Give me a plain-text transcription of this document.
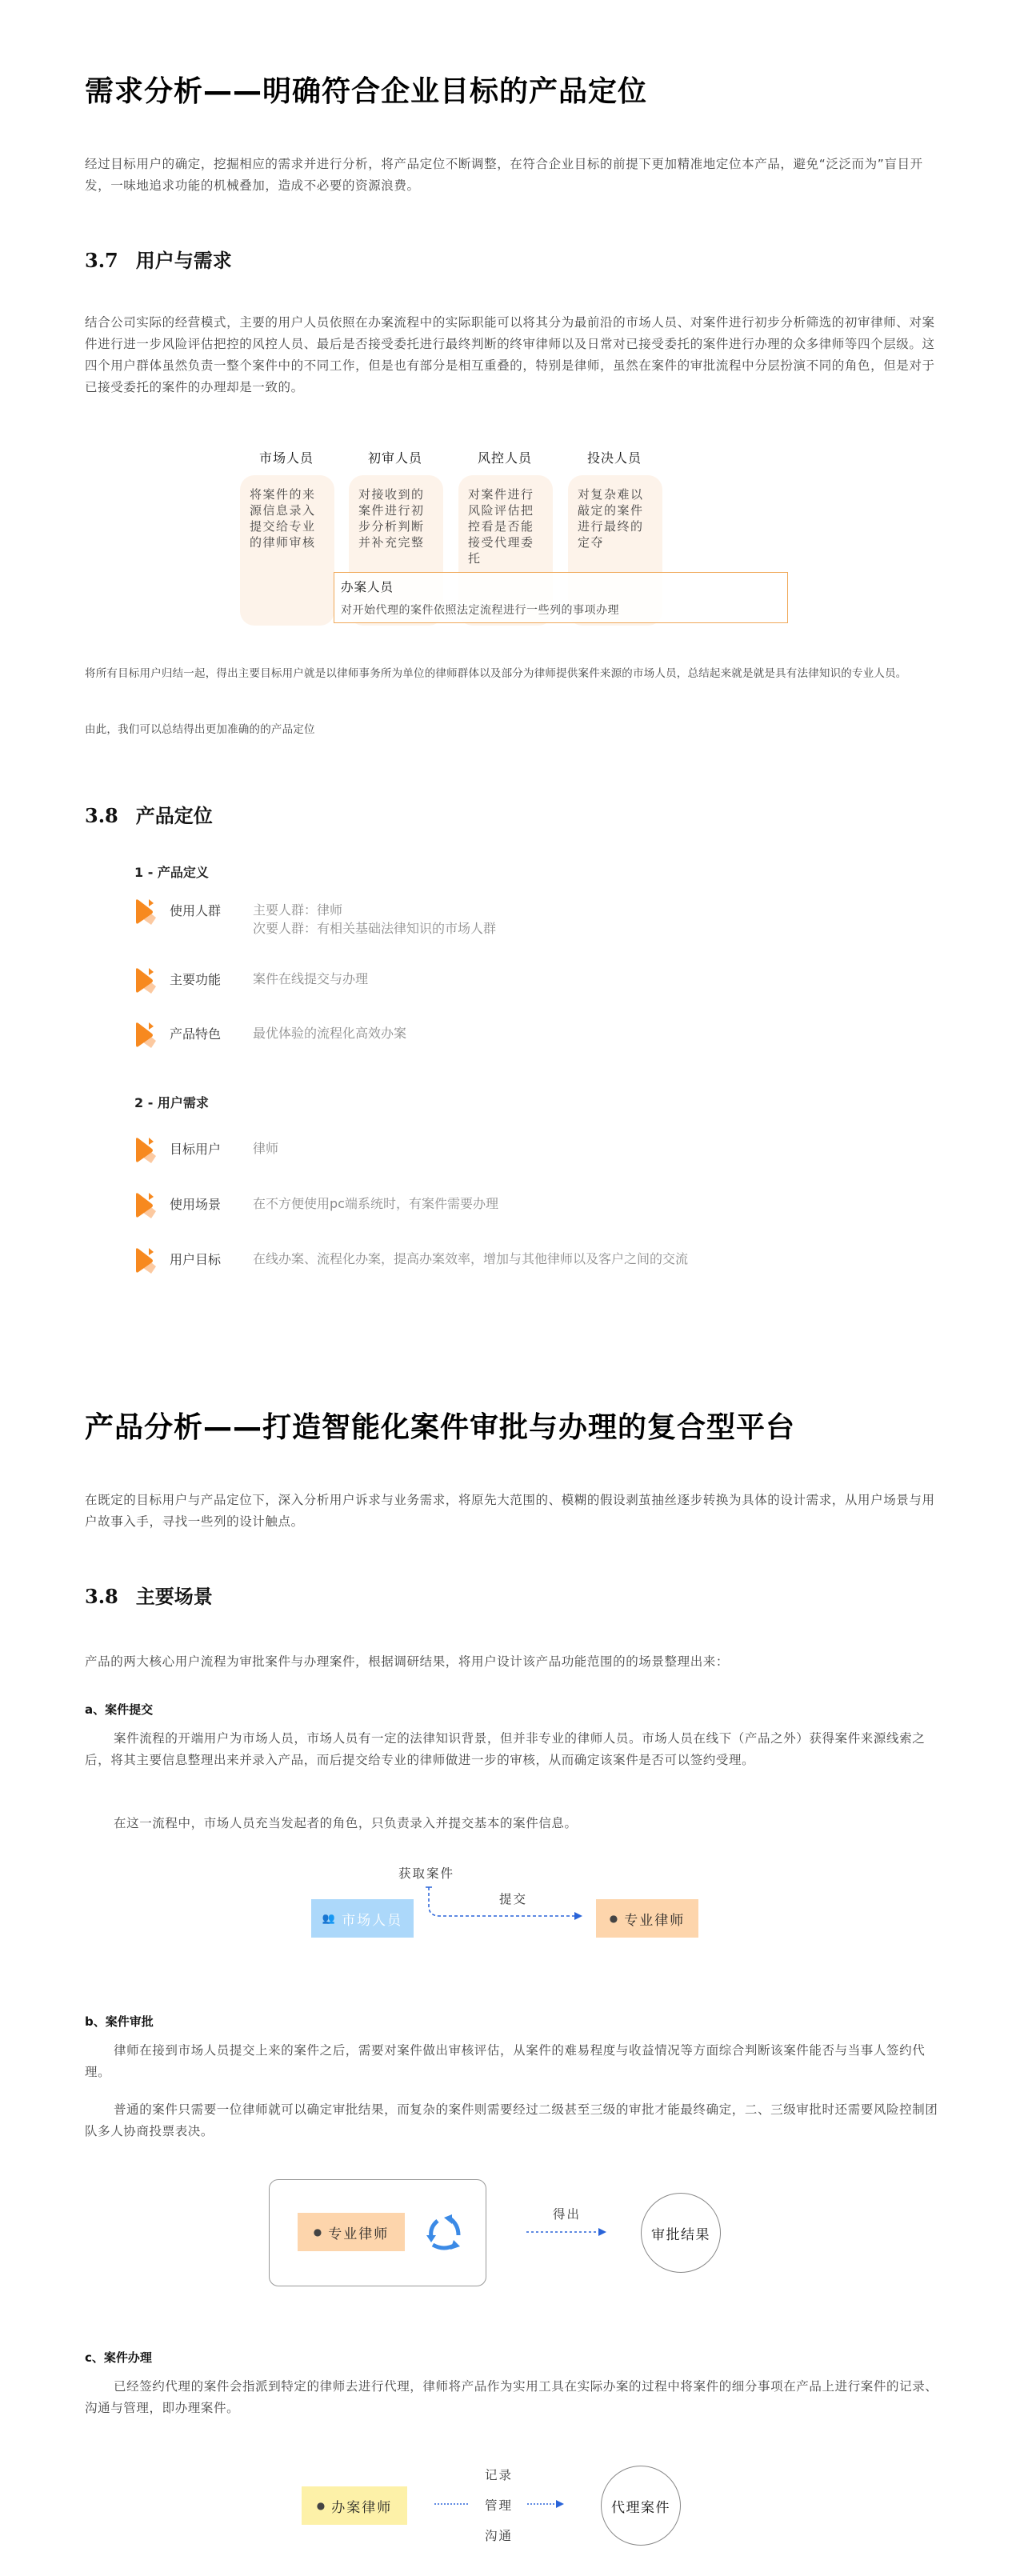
需求分析——明确符合企业目标的产品定位
经过目标用户的确定，挖掘相应的需求并进行分析，将产品定位不断调整，在符合企业目标的前提下更加精准地定位本产品，避免“泛泛而为”盲目开发，一味地追求功能的机械叠加，造成不必要的资源浪费。
3.7 用户与需求
结合公司实际的经营模式，主要的用户人员依照在办案流程中的实际职能可以将其分为最前沿的市场人员、对案件进行初步分析筛选的初审律师、对案件进行进一步风险评估把控的风控人员、最后是否接受委托进行最终判断的终审律师以及日常对已接受委托的案件进行办理的众多律师等四个层级。这四个用户群体虽然负责一整个案件中的不同工作，但是也有部分是相互重叠的，特别是律师，虽然在案件的审批流程中分层扮演不同的角色，但是对于已接受委托的案件的办理却是一致的。
市场人员	初审人员	风控人员	投决人员
将案件的来源信息录入提交给专业的律师审核
对接收到的案件进行初步分析判断并补充完整
对案件进行风险评估把控看是否能接受代理委托
对复杂难以敲定的案件进行最终的定夺
办案人员
对开始代理的案件依照法定流程进行一些列的事项办理
将所有目标用户归结一起，得出主要目标用户就是以律师事务所为单位的律师群体以及部分为律师提供案件来源的市场人员，总结起来就是就是具有法律知识的专业人员。
由此，我们可以总结得出更加准确的的产品定位
3.8 产品定位
1 - 产品定义
使用人群	主要人群：律师
次要人群：有相关基础法律知识的市场人群
主要功能	案件在线提交与办理
产品特色	最优体验的流程化高效办案
2 - 用户需求
目标用户	律师
使用场景	在不方便使用pc端系统时，有案件需要办理
用户目标	在线办案、流程化办案，提高办案效率，增加与其他律师以及客户之间的交流
产品分析——打造智能化案件审批与办理的复合型平台
在既定的目标用户与产品定位下，深入分析用户诉求与业务需求，将原先大范围的、模糊的假设剥茧抽丝逐步转换为具体的设计需求，从用户场景与用户故事入手，寻找一些列的设计触点。
3.8 主要场景
产品的两大核心用户流程为审批案件与办理案件，根据调研结果，将用户设计该产品功能范围的的场景整理出来：
a、案件提交
案件流程的开端用户为市场人员，市场人员有一定的法律知识背景，但并非专业的律师人员。市场人员在线下（产品之外）获得案件来源线索之后，将其主要信息整理出来并录入产品，而后提交给专业的律师做进一步的审核，从而确定该案件是否可以签约受理。
在这一流程中，市场人员充当发起者的角色，只负责录入并提交基本的案件信息。
获取案件
👥 市场人员
提交
● 专业律师
b、案件审批
律师在接到市场人员提交上来的案件之后，需要对案件做出审核评估，从案件的难易程度与收益情况等方面综合判断该案件能否与当事人签约代理。
普通的案件只需要一位律师就可以确定审批结果，而复杂的案件则需要经过二级甚至三级的审批才能最终确定，二、三级审批时还需要风险控制团队多人协商投票表决。
● 专业律师
得出
审批结果
c、案件办理
已经签约代理的案件会指派到特定的律师去进行代理，律师将产品作为实用工具在实际办案的过程中将案件的细分事项在产品上进行案件的记录、沟通与管理，即办理案件。
● 办案律师
记录
管理
沟通
代理案件
